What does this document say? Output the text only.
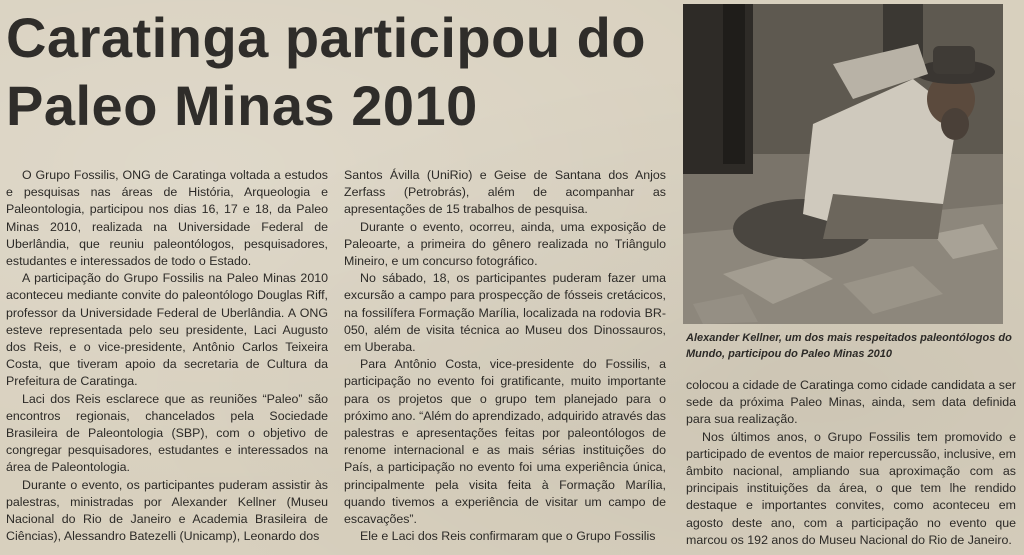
Caratinga participou do Paleo Minas 2010

O Grupo Fossilis, ONG de Caratinga voltada a estudos e pesquisas nas áreas de História, Arqueologia e Paleontologia, participou nos dias 16, 17 e 18, da Paleo Minas 2010, realizada na Universidade Federal de Uberlândia, que reuniu paleontólogos, pesquisadores, estudantes e interessados de todo o Estado.

A participação do Grupo Fossilis na Paleo Minas 2010 aconteceu mediante convite do paleontólogo Douglas Riff, professor da Universidade Federal de Uberlândia. A ONG esteve representada pelo seu presidente, Laci Augusto dos Reis, e o vice-presidente, Antônio Carlos Teixeira Costa, que tiveram apoio da secretaria de Cultura da Prefeitura de Caratinga.

Laci dos Reis esclarece que as reuniões “Paleo” são encontros regionais, chancelados pela Sociedade Brasileira de Paleontologia (SBP), com o objetivo de congregar pesquisadores, estudantes e interessados na área de Paleontologia.

Durante o evento, os participantes puderam assistir às palestras, ministradas por Alexander Kellner (Museu Nacional do Rio de Janeiro e Academia Brasileira de Ciências), Alessandro Batezelli (Unicamp), Leonardo dos

Santos Ávilla (UniRio) e Geise de Santana dos Anjos Zerfass (Petrobrás), além de acompanhar as apresentações de 15 trabalhos de pesquisa.

Durante o evento, ocorreu, ainda, uma exposição de Paleoarte, a primeira do gênero realizada no Triângulo Mineiro, e um concurso fotográfico.

No sábado, 18, os participantes puderam fazer uma excursão a campo para prospecção de fósseis cretácicos, na fossilífera Formação Marília, localizada na rodovia BR-050, além de visita técnica ao Museu dos Dinossauros, em Uberaba.

Para Antônio Costa, vice-presidente do Fossilis, a participação no evento foi gratificante, muito importante para os projetos que o grupo tem planejado para o próximo ano. “Além do aprendizado, adquirido através das palestras e apresentações feitas por paleontólogos de renome internacional e as mais sérias instituições do País, a participação no evento foi uma experiência única, principalmente pela visita feita à Formação Marília, quando tivemos a experiência de visitar um campo de escavações”.

Ele e Laci dos Reis confirmaram que o Grupo Fossilis

Alexander Kellner, um dos mais respeitados paleontólogos do Mundo, participou do Paleo Minas 2010

colocou a cidade de Caratinga como cidade candidata a ser sede da próxima Paleo Minas, ainda, sem data definida para sua realização.

Nos últimos anos, o Grupo Fossilis tem promovido e participado de eventos de maior repercussão, inclusive, em âmbito nacional, ampliando sua aproximação com as principais instituições da área, o que tem lhe rendido destaque e importantes convites, como aconteceu em agosto deste ano, com a participação no evento que marcou os 192 anos do Museu Nacional do Rio de Janeiro.
